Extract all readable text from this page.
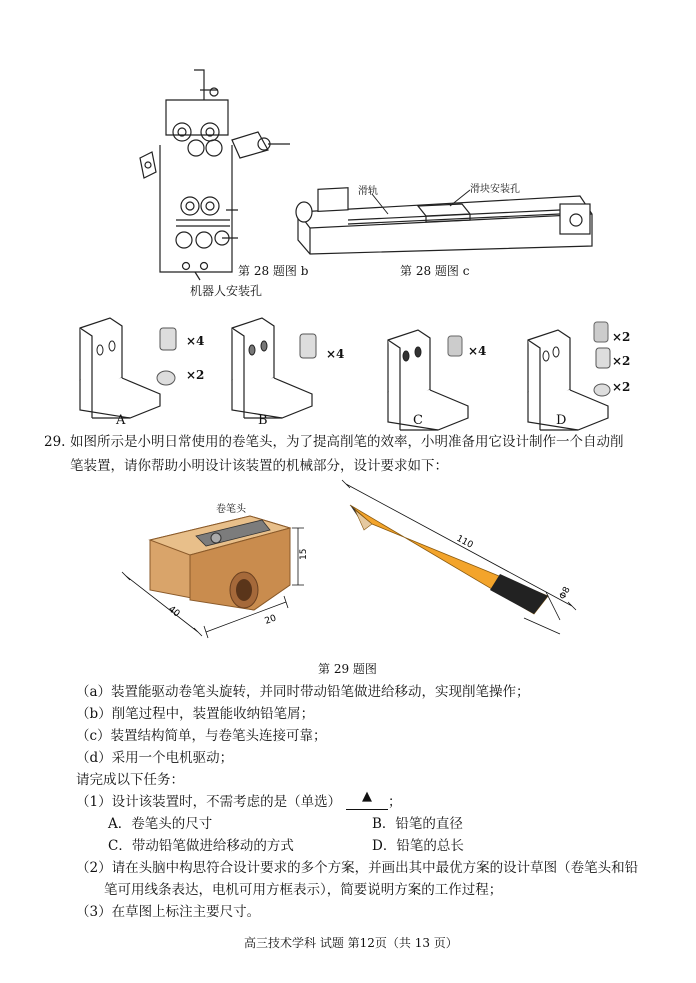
第 28 题图 b
机器人安装孔
滑轨	滑块安装孔
第 28 题图 c
×4
×2
×4	×4
×2
×2
×2
A	B	C	D
29. 如图所示是小明日常使用的卷笔头，为了提高削笔的效率，小明准备用它设计制作一个自动削
笔装置，请你帮助小明设计该装置的机械部分，设计要求如下：
卷笔头
15
40
20
110
Φ8
第 29 题图
（a）装置能驱动卷笔头旋转，并同时带动铅笔做进给移动，实现削笔操作；
（b）削笔过程中，装置能收纳铅笔屑；
（c）装置结构简单，与卷笔头连接可靠；
（d）采用一个电机驱动；
请完成以下任务：
（1）设计该装置时，不需考虑的是（单选）	▲	；
A．卷笔头的尺寸	B．铅笔的直径
C．带动铅笔做进给移动的方式	D．铅笔的总长
（2）请在头脑中构思符合设计要求的多个方案，并画出其中最优方案的设计草图（卷笔头和铅
笔可用线条表达，电机可用方框表示），简要说明方案的工作过程；
（3）在草图上标注主要尺寸。
高三技术学科 试题 第12页（共 13 页）
